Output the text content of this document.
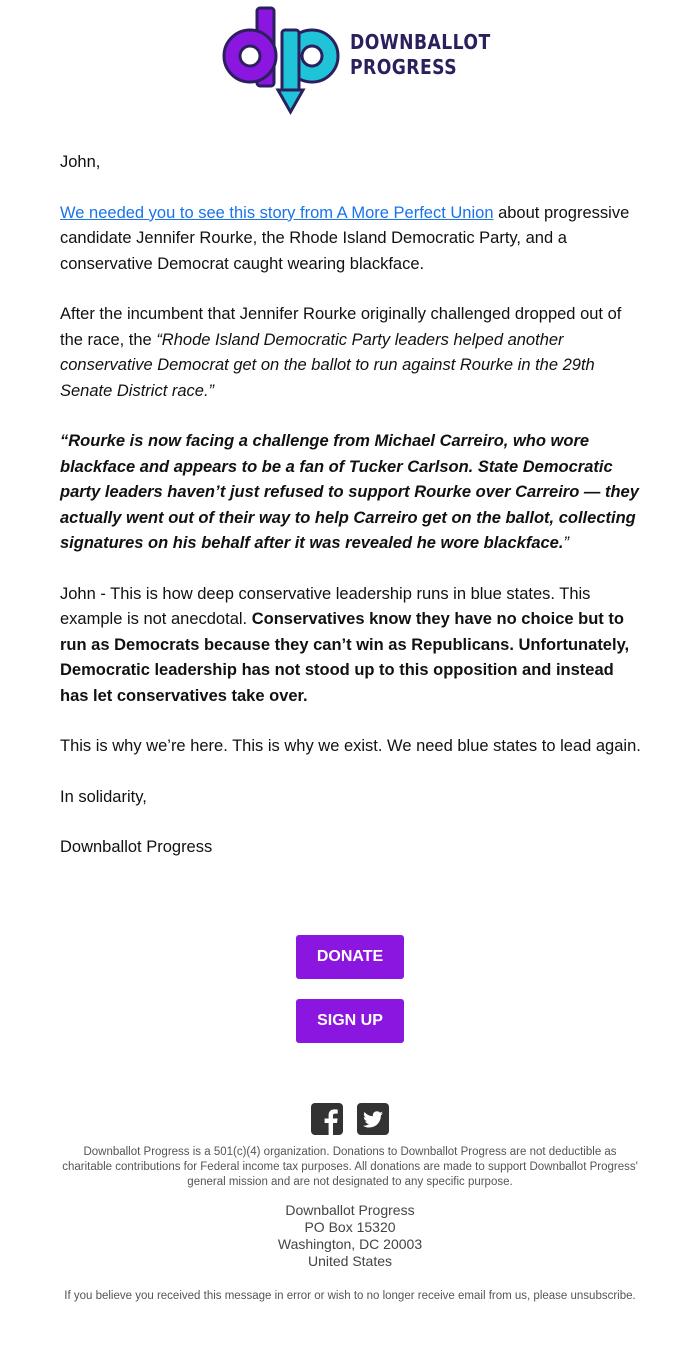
DOWNBALLOT
PROGRESS

John,

We needed you to see this story from A More Perfect Union about progressive candidate Jennifer Rourke, the Rhode Island Democratic Party, and a conservative Democrat caught wearing blackface.

After the incumbent that Jennifer Rourke originally challenged dropped out of the race, the “Rhode Island Democratic Party leaders helped another conservative Democrat get on the ballot to run against Rourke in the 29th Senate District race.”

“Rourke is now facing a challenge from Michael Carreiro, who wore blackface and appears to be a fan of Tucker Carlson. State Democratic party leaders haven’t just refused to support Rourke over Carreiro — they actually went out of their way to help Carreiro get on the ballot, collecting signatures on his behalf after it was revealed he wore blackface.”

John - This is how deep conservative leadership runs in blue states. This example is not anecdotal. Conservatives know they have no choice but to run as Democrats because they can’t win as Republicans. Unfortunately, Democratic leadership has not stood up to this opposition and instead has let conservatives take over.

This is why we’re here. This is why we exist. We need blue states to lead again.

In solidarity,

Downballot Progress

DONATE
SIGN UP
Downballot Progress is a 501(c)(4) organization. Donations to Downballot Progress are not deductible as charitable contributions for Federal income tax purposes. All donations are made to support Downballot Progress' general mission and are not designated to any specific purpose.
Downballot Progress
PO Box 15320
Washington, DC 20003
United States
If you believe you received this message in error or wish to no longer receive email from us, please unsubscribe.
